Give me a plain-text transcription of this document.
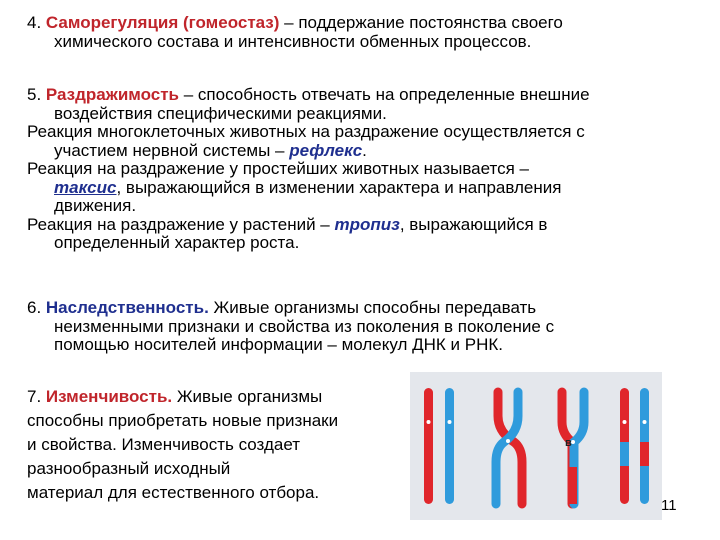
4. Саморегуляция (гомеостаз) – поддержание постоянства своего
химического состава и интенсивности обменных процессов.

5. Раздражимость – способность отвечать на определенные внешние
воздействия специфическими реакциями.
Реакция многоклеточных животных на раздражение осуществляется с
участием нервной системы – рефлекс.
Реакция на раздражение у простейших животных называется –
таксис, выражающийся в изменении характера и направления
движения.
Реакция на раздражение у растений – тропиз, выражающийся в
определенный характер роста.

6. Наследственность. Живые организмы способны передавать
неизменными признаки и свойства из поколения в поколение с
помощью носителей информации – молекул ДНК и РНК.

7. Изменчивость. Живые организмы
способны приобретать новые признаки
и свойства. Изменчивость создает
разнообразный исходный
материал для естественного отбора.

в
11
